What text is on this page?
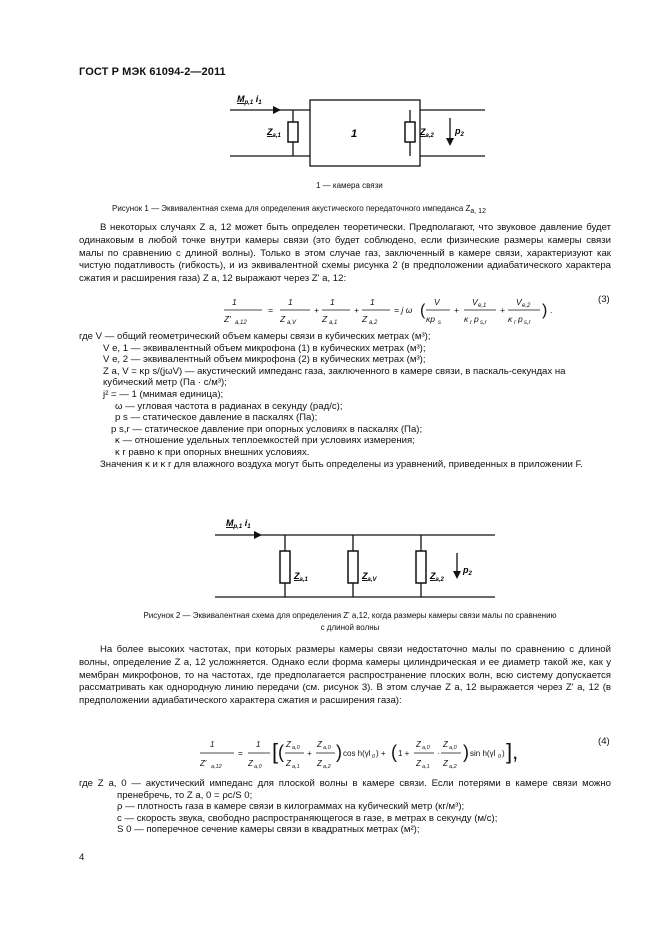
ГОСТ Р МЭК 61094-2—2011
$M_{p,1}$ $i_1$
$Z_{a,1}$	1	$Z_{a,2}$ $p_2$
1 — камера связи
Рисунок 1 — Эквивалентная схема для определения акустического передаточного импеданса Za, 12

В некоторых случаях Z a, 12 может быть определен теоретически. Предполагают, что звуковое давление будет одинаковым в любой точке внутри камеры связи (это будет соблюдено, если физические размеры камеры связи малы по сравнению с длиной волны). Только в этом случае газ, заключенный в камере связи, характеризуют как чистую податливость (гибкость), и из эквивалентной схемы рисунка 2 (в предположении адиабатического характера сжатия и расширения газа) Z a, 12 выражают через Z' a, 12:

1
Z′ a,12
=
1
Z a,V
+
1
Z a,1
+
1
Z a,2
= j ω ( V
κp s
+
V e,1
κ r p s,r
+
V e,2
κ r p s,r
) .
(3)
где V — общий геометрический объем камеры связи в кубических метрах (м³);
V e, 1 — эквивалентный объем микрофона (1) в кубических метрах (м³);
V e, 2 — эквивалентный объем микрофона (2) в кубических метрах (м³);
Z a, V = κp s/(jωV) — акустический импеданс газа, заключенного в камере связи, в паскаль-секундах на кубический метр (Па · с/м³);
j² = — 1 (мнимая единица);
ω — угловая частота в радианах в секунду (рад/с);
p s — статическое давление в паскалях (Па);
p s,r — статическое давление при опорных условиях в паскалях (Па);
κ — отношение удельных теплоемкостей при условиях измерения;
κ r равно κ при опорных внешних условиях.
Значения κ и κ r для влажного воздуха могут быть определены из уравнений, приведенных в приложении F.
$M_{p,1}$ $i_1$
$Z_{a,1}$	$Z_{a,V}$	$Z_{a,2}$
$p_2$
Рисунок 2 — Эквивалентная схема для определения Z' a,12, когда размеры камеры связи малы по сравнению
с длиной волны

На более высоких частотах, при которых размеры камеры связи недостаточно малы по сравнению с длиной волны, определение Z a, 12 усложняется. Однако если форма камеры цилиндрическая и ее диаметр такой же, как у мембран микрофонов, то на частотах, где предполагается распространение плоских волн, всю систему допускается рассматривать как однородную линию передачи (см. рисунок 3). В этом случае Z a, 12 выражается через Z' a, 12 (в предположении адиабатического характера сжатия и расширения газа):

1
Z′ a,12
=
1
Z a,0
[ ( Z a,0
Z a,1
+
Z a,0
Z a,2
) cos h(γl 0 ) + ( 1 +
Z a,0
Z a,1
·
Z a,0
Z a,2
) sin h(γl 0 ) ],	(4)
где Z a, 0 — акустический импеданс для плоской волны в камере связи. Если потерями в камере связи можно пренебречь, то Z a, 0 = ρc/S 0;
ρ — плотность газа в камере связи в килограммах на кубический метр (кг/м³);
c — скорость звука, свободно распространяющегося в газе, в метрах в секунду (м/с);
S 0 — поперечное сечение камеры связи в квадратных метрах (м²);
4
